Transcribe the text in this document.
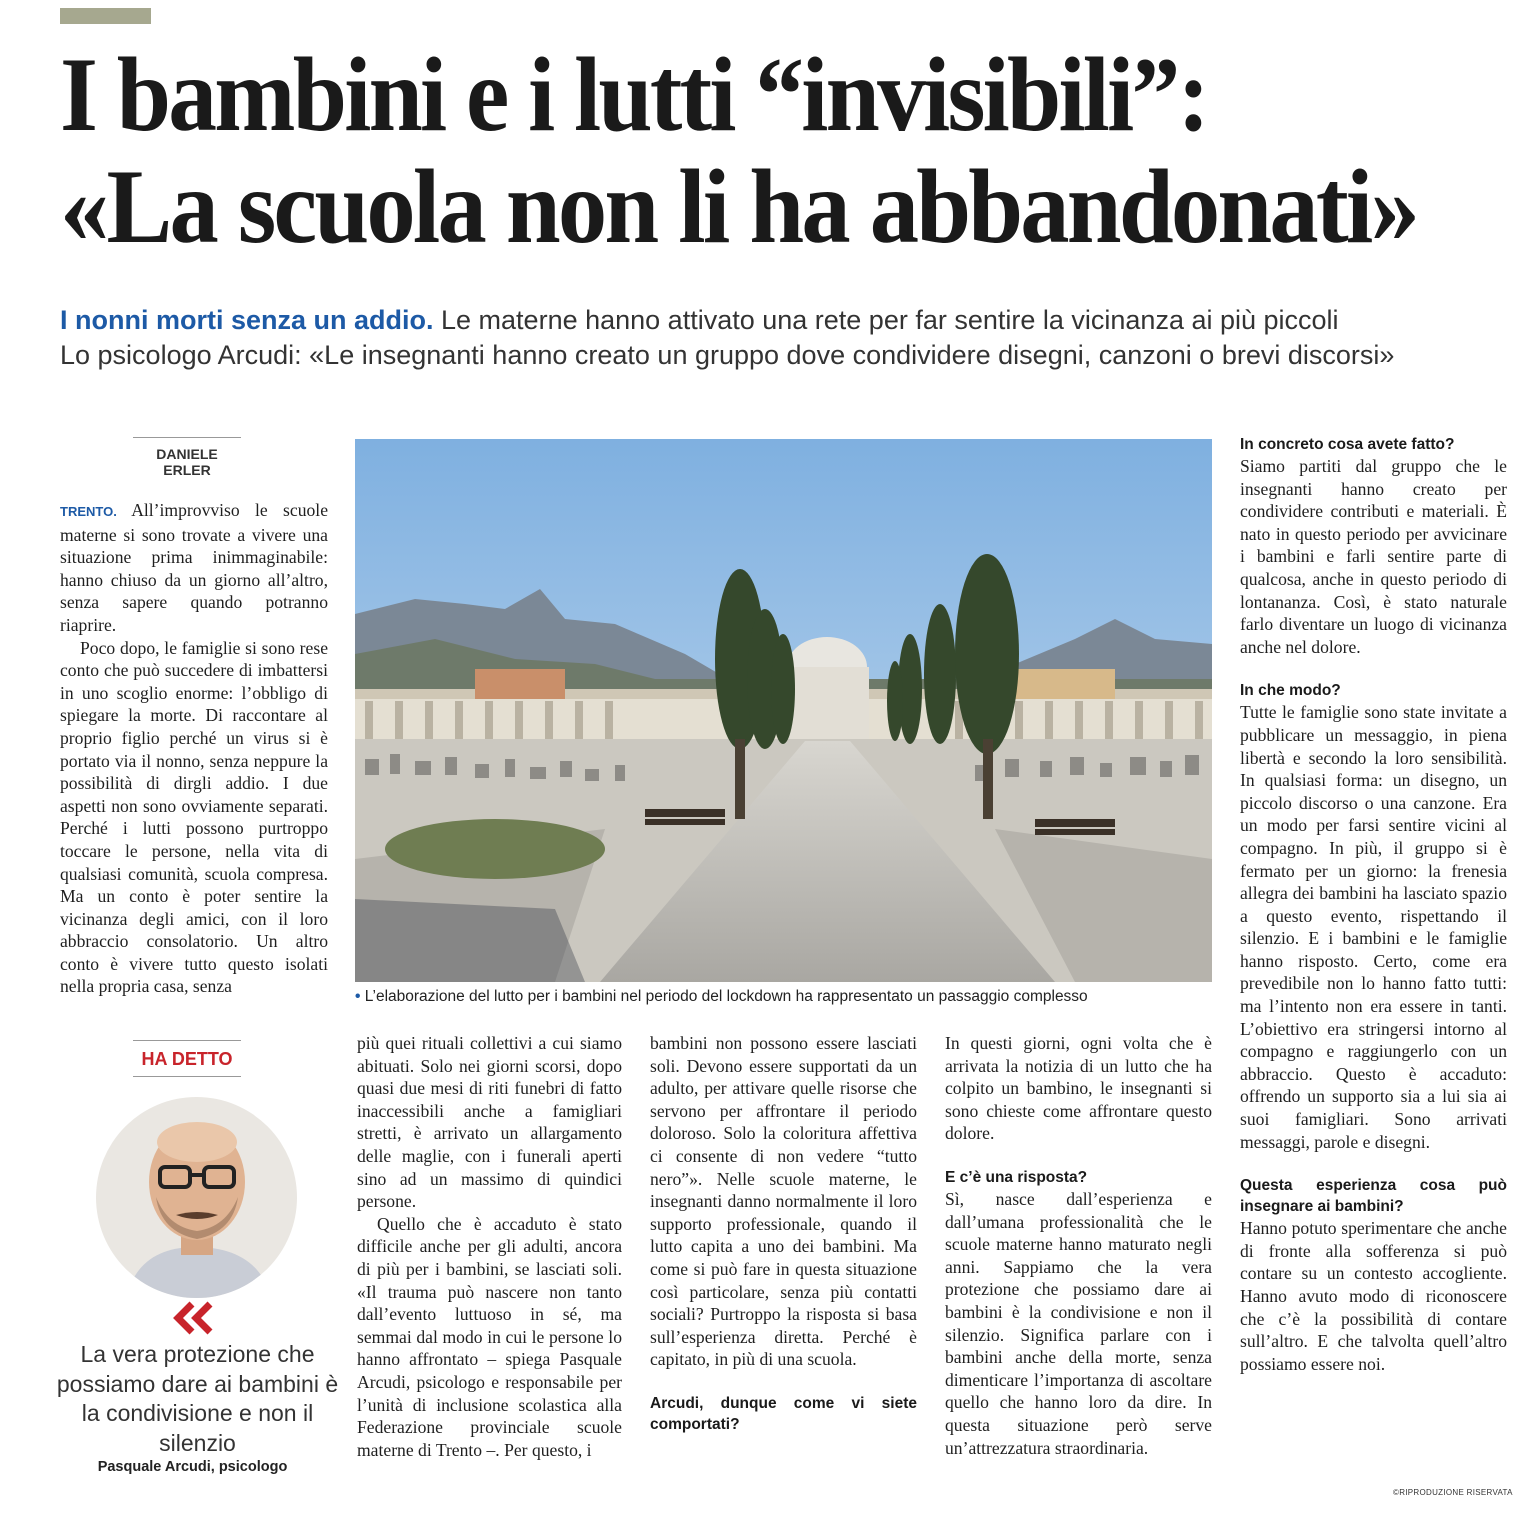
I bambini e i lutti “invisibili”:
«La scuola non li ha abbandonati»
I nonni morti senza un addio. Le materne hanno attivato una rete per far sentire la vicinanza ai più piccoli
Lo psicologo Arcudi: «Le insegnanti hanno creato un gruppo dove condividere disegni, canzoni o brevi discorsi»
DANIELE ERLER

TRENTO. All’improvviso le scuole materne si sono trovate a vivere una situazione prima inimmaginabile: hanno chiuso da un giorno all’altro, senza sapere quando potranno riaprire.

Poco dopo, le famiglie si sono rese conto che può succedere di imbattersi in uno scoglio enorme: l’obbligo di spiegare la morte. Di raccontare al proprio figlio perché un virus si è portato via il nonno, senza neppure la possibilità di dirgli addio. I due aspetti non sono ovviamente separati. Perché i lutti possono purtroppo toccare le persone, nella vita di qualsiasi comunità, scuola compresa. Ma un conto è poter sentire la vicinanza degli amici, con il loro abbraccio consolatorio. Un altro conto è vivere tutto questo isolati nella propria casa, senza

• L’elaborazione del lutto per i bambini nel periodo del lockdown ha rappresentato un passaggio complesso
HA DETTO
La vera protezione che possiamo dare ai bambini è la condivisione e non il silenzio
Pasquale Arcudi, psicologo

più quei rituali collettivi a cui siamo abituati. Solo nei giorni scorsi, dopo quasi due mesi di riti funebri di fatto inaccessibili anche a famigliari stretti, è arrivato un allargamento delle maglie, con i funerali aperti sino ad un massimo di quindici persone.

Quello che è accaduto è stato difficile anche per gli adulti, ancora di più per i bambini, se lasciati soli. «Il trauma può nascere non tanto dall’evento luttuoso in sé, ma semmai dal modo in cui le persone lo hanno affrontato – spiega Pasquale Arcudi, psicologo e responsabile per l’unità di inclusione scolastica alla Federazione provinciale scuole materne di Trento –. Per questo, i

bambini non possono essere lasciati soli. Devono essere supportati da un adulto, per attivare quelle risorse che servono per affrontare il periodo doloroso. Solo la coloritura affettiva ci consente di non vedere “tutto nero”». Nelle scuole materne, le insegnanti danno normalmente il loro supporto professionale, quando il lutto capita a uno dei bambini. Ma come si può fare in questa situazione così particolare, senza più contatti sociali? Purtroppo la risposta si basa sull’esperienza diretta. Perché è capitato, in più di una scuola.

Arcudi, dunque come vi siete comportati?

In questi giorni, ogni volta che è arrivata la notizia di un lutto che ha colpito un bambino, le insegnanti si sono chieste come affrontare questo dolore.

E c’è una risposta?

Sì, nasce dall’esperienza e dall’umana professionalità che le scuole materne hanno maturato negli anni. Sappiamo che la vera protezione che possiamo dare ai bambini è la condivisione e non il silenzio. Significa parlare con i bambini anche della morte, senza dimenticare l’importanza di ascoltare quello che hanno loro da dire. In questa situazione però serve un’attrezzatura straordinaria.

In concreto cosa avete fatto?

Siamo partiti dal gruppo che le insegnanti hanno creato per condividere contributi e materiali. È nato in questo periodo per avvicinare i bambini e farli sentire parte di qualcosa, anche in questo periodo di lontananza. Così, è stato naturale farlo diventare un luogo di vicinanza anche nel dolore.

In che modo?

Tutte le famiglie sono state invitate a pubblicare un messaggio, in piena libertà e secondo la loro sensibilità. In qualsiasi forma: un disegno, un piccolo discorso o una canzone. Era un modo per farsi sentire vicini al compagno. In più, il gruppo si è fermato per un giorno: la frenesia allegra dei bambini ha lasciato spazio a questo evento, rispettando il silenzio. E i bambini e le famiglie hanno risposto. Certo, come era prevedibile non lo hanno fatto tutti: ma l’intento non era essere in tanti. L’obiettivo era stringersi intorno al compagno e raggiungerlo con un abbraccio. Questo è accaduto: offrendo un supporto sia a lui sia ai suoi famigliari. Sono arrivati messaggi, parole e disegni.

Questa esperienza cosa può insegnare ai bambini?

Hanno potuto sperimentare che anche di fronte alla sofferenza si può contare su un contesto accogliente. Hanno avuto modo di riconoscere che c’è la possibilità di contare sull’altro. E che talvolta quell’altro possiamo essere noi.

©RIPRODUZIONE RISERVATA
